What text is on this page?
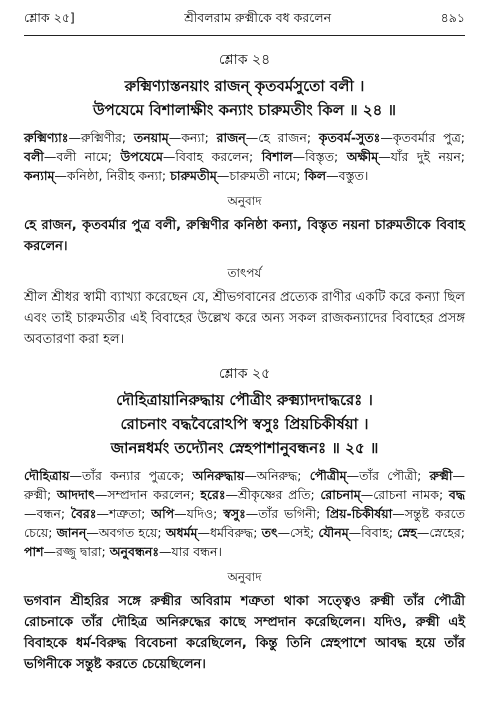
শ্লোক ২৫]	শ্রীবলরাম রুক্মীকে বধ করলেন	৪৯১
শ্লোক ২৪
রুক্মিণ্যাস্তনয়াং রাজন্ কৃতবর্মসুতো বলী ।
উপযেমে বিশালাক্ষীং কন্যাং চারুমতীং কিল ॥ ২৪ ॥
রুক্মিণ্যাঃ—রুক্মিণীর; তনয়াম্—কন্যা; রাজন্—হে রাজন; কৃতবর্ম-সুতঃ—কৃতবর্মার পুত্র; বলী—বলী নামে; উপযেমে—বিবাহ করলেন; বিশাল—বিস্তৃত; অক্ষীম্—যাঁর দুই নয়ন; কন্যাম্—কনিষ্ঠা, নিরীহ কন্যা; চারুমতীম্—চারুমতী নামে; কিল—বস্তুত।
অনুবাদ
হে রাজন, কৃতবর্মার পুত্র বলী, রুক্মিণীর কনিষ্ঠা কন্যা, বিস্তৃত নয়না চারুমতীকে বিবাহ করলেন।
তাৎপর্য
শ্রীল শ্রীধর স্বামী ব্যাখ্যা করেছেন যে, শ্রীভগবানের প্রত্যেক রাণীর একটি করে কন্যা ছিল এবং তাই চারুমতীর এই বিবাহের উল্লেখ করে অন্য সকল রাজকন্যাদের বিবাহের প্রসঙ্গ অবতারণা করা হল।
শ্লোক ২৫
দৌহিত্রায়ানিরুদ্ধায় পৌত্রীং রুক্ম্যাদদাদ্ধরেঃ ।
রোচনাং বদ্ধবৈরোঽপি স্বসুঃ প্রিয়চিকীর্ষয়া ।
জানন্নধর্মং তদ্যৌনং স্নেহপাশানুবন্ধনঃ ॥ ২৫ ॥
দৌহিত্রায়—তাঁর কন্যার পুত্রকে; অনিরুদ্ধায়—অনিরুদ্ধ; পৌত্রীম্—তাঁর পৌত্রী; রুক্মী—রুক্মী; আদদাৎ—সম্প্রদান করলেন; হরেঃ—শ্রীকৃষ্ণের প্রতি; রোচনাম্—রোচনা নামক; বদ্ধ—বন্ধন; বৈরঃ—শত্রুতা; অপি—যদিও; স্বসুঃ—তাঁর ভগিনী; প্রিয়-চিকীর্ষয়া—সন্তুষ্ট করতে চেয়ে; জানন্—অবগত হয়ে; অধর্মম্—ধর্মবিরুদ্ধ; তৎ—সেই; যৌনম্—বিবাহ; স্নেহ—স্নেহের; পাশ—রজ্জু দ্বারা; অনুবন্ধনঃ—যার বন্ধন।
অনুবাদ
ভগবান শ্রীহরির সঙ্গে রুক্মীর অবিরাম শত্রুতা থাকা সত্ত্বেও রুক্মী তাঁর পৌত্রী রোচনাকে তাঁর দৌহিত্র অনিরুদ্ধের কাছে সম্প্রদান করেছিলেন। যদিও, রুক্মী এই বিবাহকে ধর্ম-বিরুদ্ধ বিবেচনা করেছিলেন, কিন্তু তিনি স্নেহপাশে আবদ্ধ হয়ে তাঁর ভগিনীকে সন্তুষ্ট করতে চেয়েছিলেন।
